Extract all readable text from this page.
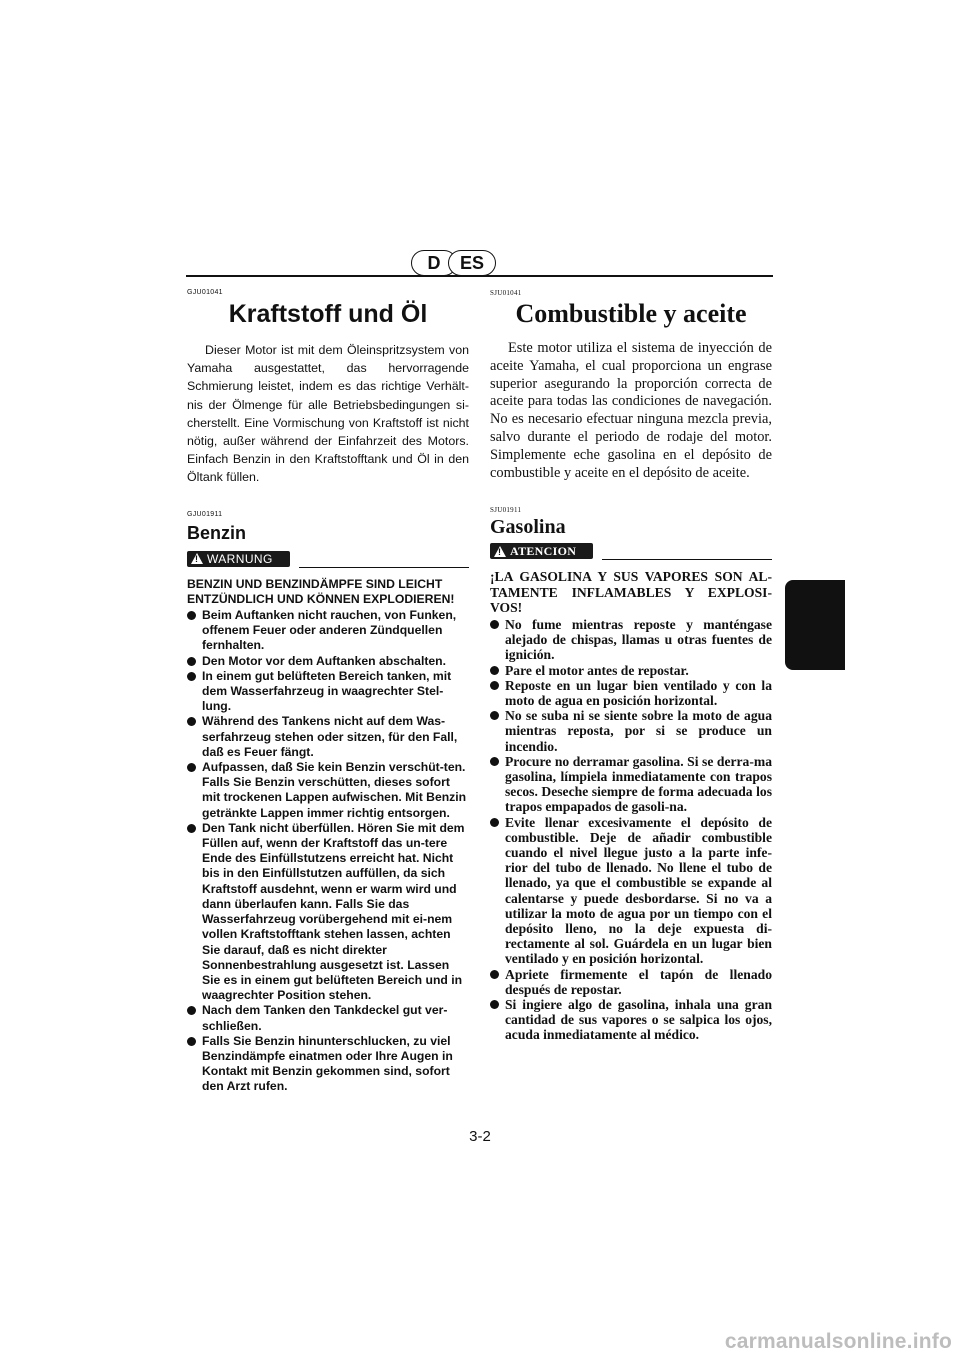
D	ES

GJU01041

Kraftstoff und Öl

Dieser Motor ist mit dem Öleinspritzsystem von Yamaha ausgestattet, das hervorragende Schmierung leistet, indem es das richtige Verhält-nis der Ölmenge für alle Betriebsbedingungen si-cherstellt. Eine Vormischung von Kraftstoff ist nicht nötig, außer während der Einfahrzeit des Motors. Einfach Benzin in den Kraftstofftank und Öl in den Öltank füllen.

GJU01911

Benzin
!
WARNUNG

BENZIN UND BENZINDÄMPFE SIND LEICHT ENTZÜNDLICH UND KÖNNEN EXPLODIEREN!

Beim Auftanken nicht rauchen, von Funken, offenem Feuer oder anderen Zündquellen fernhalten.
Den Motor vor dem Auftanken abschalten.
In einem gut belüfteten Bereich tanken, mit dem Wasserfahrzeug in waagrechter Stel-lung.
Während des Tankens nicht auf dem Was-serfahrzeug stehen oder sitzen, für den Fall, daß es Feuer fängt.
Aufpassen, daß Sie kein Benzin verschüt-ten. Falls Sie Benzin verschütten, dieses sofort mit trockenen Lappen aufwischen. Mit Benzin getränkte Lappen immer richtig entsorgen.
Den Tank nicht überfüllen. Hören Sie mit dem Füllen auf, wenn der Kraftstoff das un-tere Ende des Einfüllstutzens erreicht hat. Nicht bis in den Einfüllstutzen auffüllen, da sich Kraftstoff ausdehnt, wenn er warm wird und dann überlaufen kann. Falls Sie das Wasserfahrzeug vorübergehend mit ei-nem vollen Kraftstofftank stehen lassen, achten Sie darauf, daß es nicht direkter Sonnenbestrahlung ausgesetzt ist. Lassen Sie es in einem gut belüfteten Bereich und in waagrechter Position stehen.
Nach dem Tanken den Tankdeckel gut ver-schließen.
Falls Sie Benzin hinunterschlucken, zu viel Benzindämpfe einatmen oder Ihre Augen in Kontakt mit Benzin gekommen sind, sofort den Arzt rufen.

SJU01041

Combustible y aceite

Este motor utiliza el sistema de inyección de aceite Yamaha, el cual proporciona un engrase superior asegurando la proporción correcta de aceite para todas las condiciones de navegación. No es necesario efectuar ninguna mezcla previa, salvo durante el periodo de rodaje del motor. Simplemente eche gasolina en el depósito de combustible y aceite en el depósito de aceite.

SJU01911

Gasolina
!
ATENCION

¡LA GASOLINA Y SUS VAPORES SON AL-TAMENTE INFLAMABLES Y EXPLOSI-VOS!

No fume mientras reposte y manténgase alejado de chispas, llamas u otras fuentes de ignición.
Pare el motor antes de repostar.
Reposte en un lugar bien ventilado y con la moto de agua en posición horizontal.
No se suba ni se siente sobre la moto de agua mientras reposta, por si se produce un incendio.
Procure no derramar gasolina. Si se derra-ma gasolina, límpiela inmediatamente con trapos secos. Deseche siempre de forma adecuada los trapos empapados de gasoli-na.
Evite llenar excesivamente el depósito de combustible. Deje de añadir combustible cuando el nivel llegue justo a la parte infe-rior del tubo de llenado. No llene el tubo de llenado, ya que el combustible se expande al calentarse y puede desbordarse. Si no va a utilizar la moto de agua por un tiempo con el depósito lleno, no la deje expuesta di-rectamente al sol. Guárdela en un lugar bien ventilado y en posición horizontal.
Apriete firmemente el tapón de llenado después de repostar.
Si ingiere algo de gasolina, inhala una gran cantidad de sus vapores o se salpica los ojos, acuda inmediatamente al médico.
3-2
carmanualsonline.info
